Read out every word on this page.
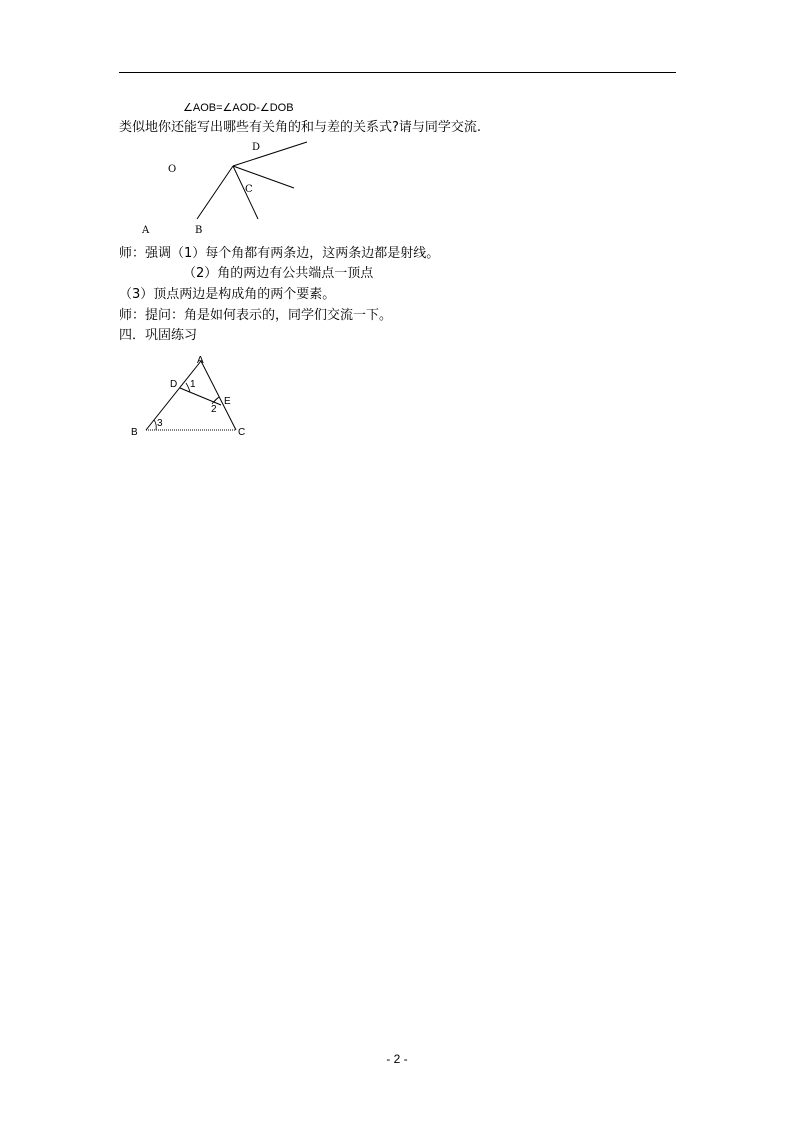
∠AOB=∠AOD-∠DOB
类似地你还能写出哪些有关角的和与差的关系式?请与同学交流.
D
O
C
A	B
师：强调（1）每个角都有两条边，这两条边都是射线。
（2）角的两边有公共端点一顶点
（3）顶点两边是构成角的两个要素。
师：提问：角是如何表示的，同学们交流一下。
四．巩固练习
A
D 1
E
2
B
3
C
- 2 -
